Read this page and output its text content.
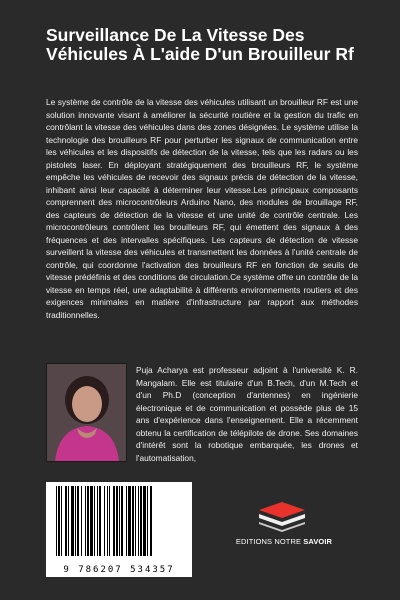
Surveillance De La Vitesse Des Véhicules À L'aide D'un Brouilleur Rf

Le système de contrôle de la vitesse des véhicules utilisant un brouilleur RF est une solution innovante visant à améliorer la sécurité routière et la gestion du trafic en contrôlant la vitesse des véhicules dans des zones désignées. Le système utilise la technologie des brouilleurs RF pour perturber les signaux de communication entre les véhicules et les dispositifs de détection de la vitesse, tels que les radars ou les pistolets laser. En déployant stratégiquement des brouilleurs RF, le système empêche les véhicules de recevoir des signaux précis de détection de la vitesse, inhibant ainsi leur capacité à déterminer leur vitesse.Les principaux composants comprennent des microcontrôleurs Arduino Nano, des modules de brouillage RF, des capteurs de détection de la vitesse et une unité de contrôle centrale. Les microcontrôleurs contrôlent les brouilleurs RF, qui émettent des signaux à des fréquences et des intervalles spécifiques. Les capteurs de détection de vitesse surveillent la vitesse des véhicules et transmettent les données à l'unité centrale de contrôle, qui coordonne l'activation des brouilleurs RF en fonction de seuils de vitesse prédéfinis et des conditions de circulation.Ce système offre un contrôle de la vitesse en temps réel, une adaptabilité à différents environnements routiers et des exigences minimales en matière d'infrastructure par rapport aux méthodes traditionnelles.

Puja Acharya est professeur adjoint à l'université K. R. Mangalam. Elle est titulaire d'un B.Tech, d'un M.Tech et d'un Ph.D (conception d'antennes) en ingénierie électronique et de communication et possède plus de 15 ans d'expérience dans l'enseignement. Elle a récemment obtenu la certification de télépilote de drone. Ses domaines d'intérêt sont la robotique embarquée, les drones et l'automatisation,

9 786207 534357
EDITIONS NOTRE SAVOIR
